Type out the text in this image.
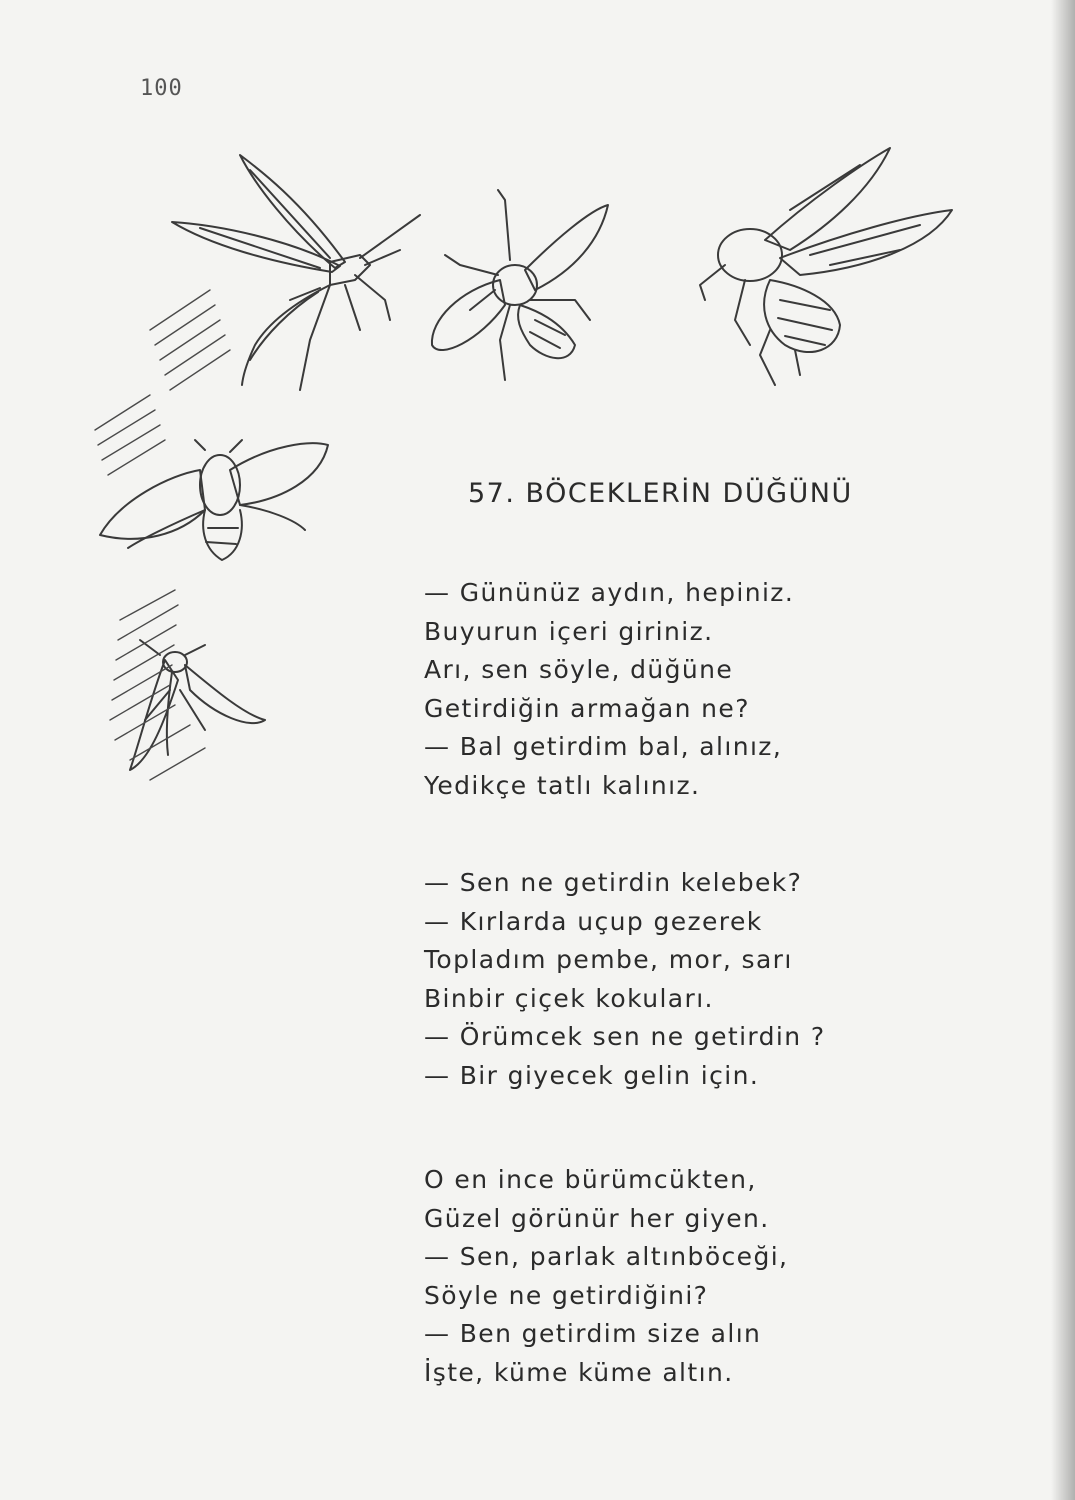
100
57. BÖCEKLERİN DÜĞÜNÜ
— Gününüz aydın, hepiniz.
Buyurun içeri giriniz.
Arı, sen söyle, düğüne
Getirdiğin armağan ne?
— Bal getirdim bal, alınız,
Yedikçe tatlı kalınız.
— Sen ne getirdin kelebek?
— Kırlarda uçup gezerek
Topladım pembe, mor, sarı
Binbir çiçek kokuları.
— Örümcek sen ne getirdin ?
— Bir giyecek gelin için.
O en ince bürümcükten,
Güzel görünür her giyen.
— Sen, parlak altınböceği,
Söyle ne getirdiğini?
— Ben getirdim size alın
İşte, küme küme altın.
